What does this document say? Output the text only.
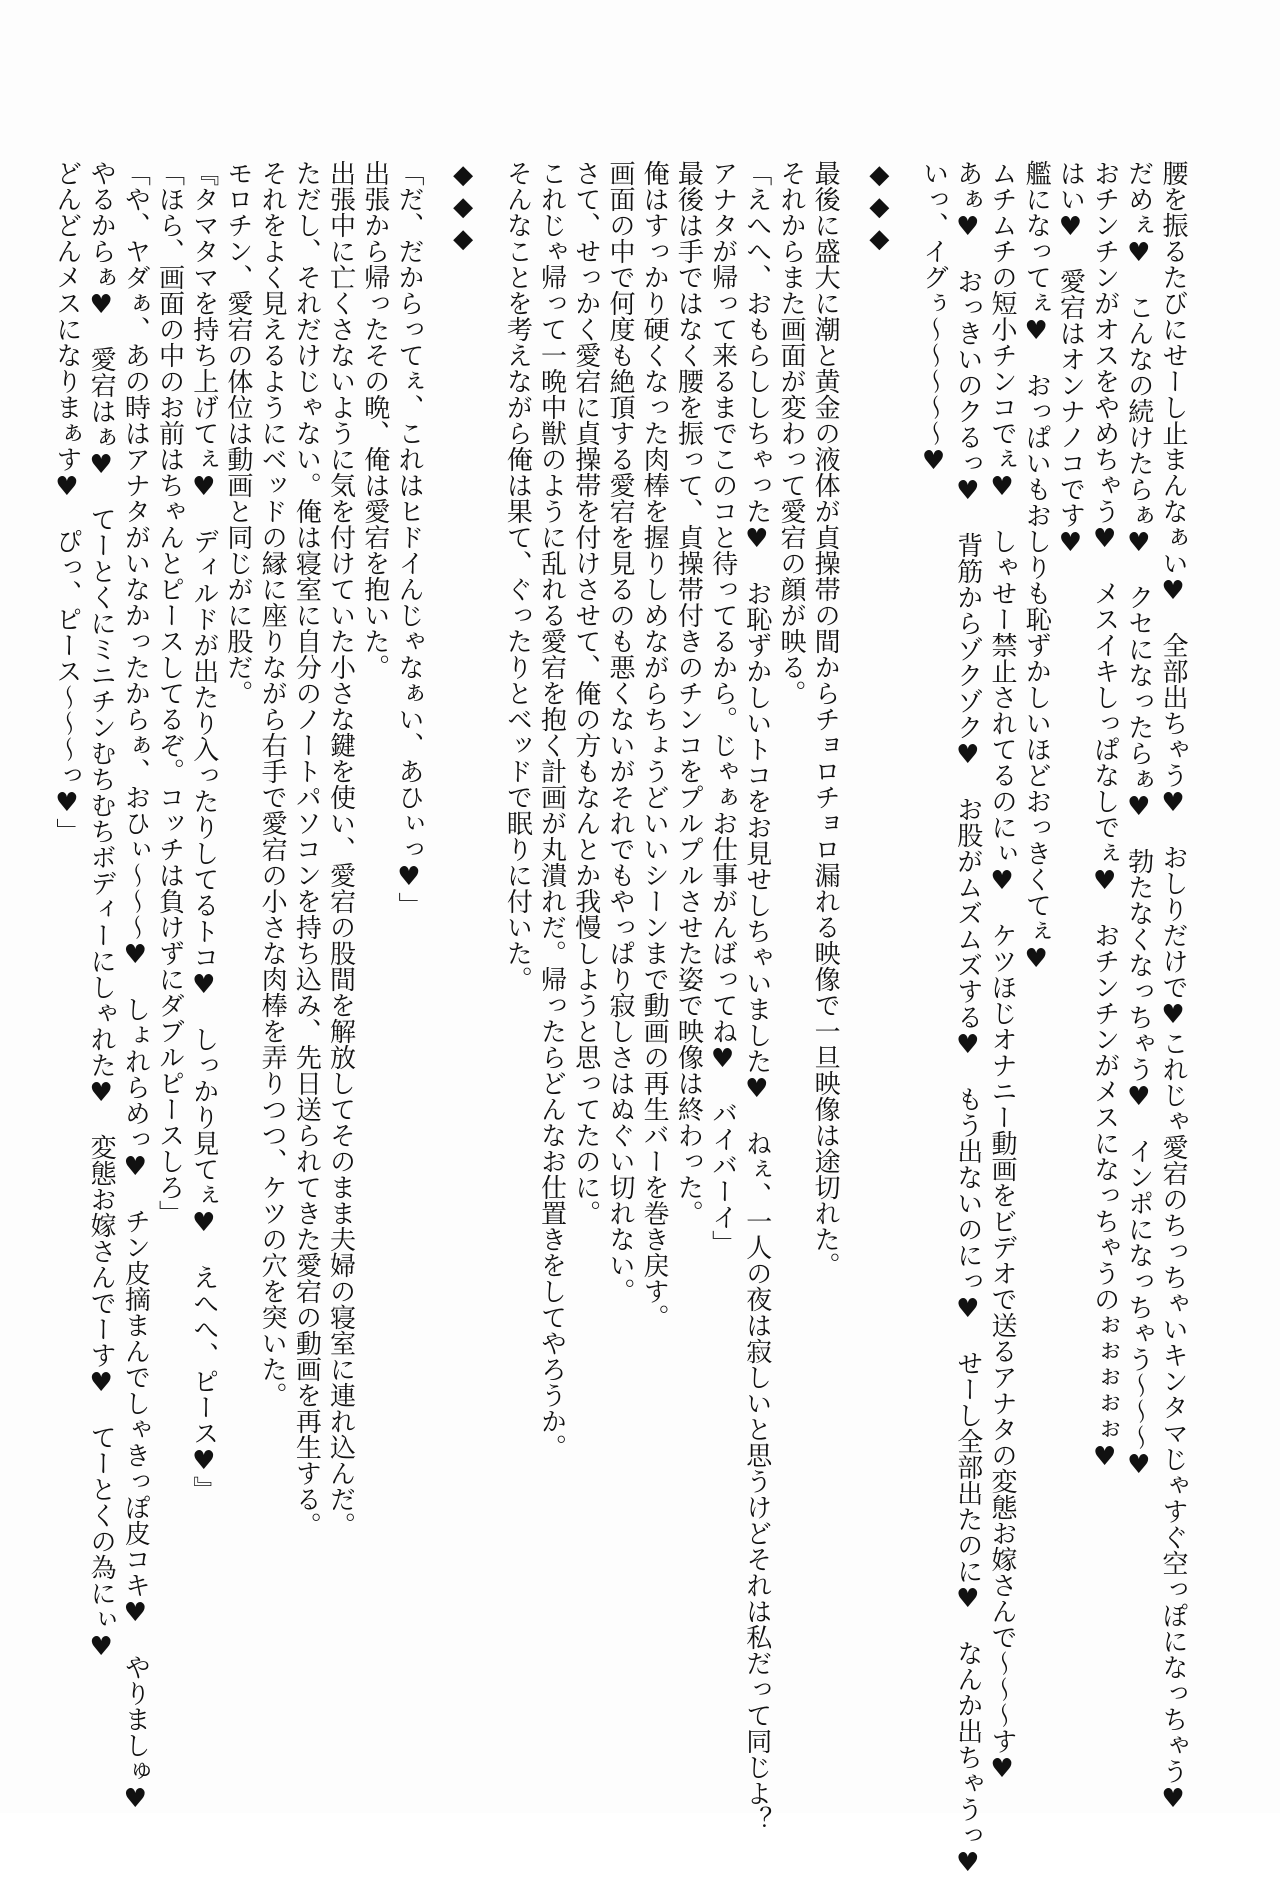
腰を振るたびにせーし止まんなぁい♥　全部出ちゃう♥　おしりだけで♥これじゃ愛宕のちっちゃいキンタマじゃすぐ空っぽになっちゃう♥
だめぇ♥　こんなの続けたらぁ♥　クセになったらぁ♥　勃たなくなっちゃう♥　インポになっちゃう～～～♥
おチンチンがオスをやめちゃう♥　メスイキしっぱなしでぇ♥　おチンチンがメスになっちゃうのぉぉぉぉぉ♥
はい♥　愛宕はオンナノコです♥
艦になってぇ♥　おっぱいもおしりも恥ずかしいほどおっきくてぇ♥
ムチムチの短小チンコでぇ♥　しゃせー禁止されてるのにぃ♥　ケツほじオナニー動画をビデオで送るアナタの変態お嫁さんで～～～す♥
あぁ♥　おっきいのクるっ♥　背筋からゾクゾク♥　お股がムズムズする♥　もう出ないのにっ♥　せーし全部出たのに♥　なんか出ちゃうっ♥
いっ、イグぅ～～～～～♥
◆◆◆
最後に盛大に潮と黄金の液体が貞操帯の間からチョロチョロ漏れる映像で一旦映像は途切れた。
それからまた画面が変わって愛宕の顔が映る。
「えへへ、おもらししちゃった♥　お恥ずかしいトコをお見せしちゃいました♥　ねぇ、一人の夜は寂しいと思うけどそれは私だって同じよ？
アナタが帰って来るまでこのコと待ってるから。じゃぁお仕事がんばってね♥　バイバーイ」
最後は手ではなく腰を振って、貞操帯付きのチンコをプルプルさせた姿で映像は終わった。
俺はすっかり硬くなった肉棒を握りしめながらちょうどいいシーンまで動画の再生バーを巻き戻す。
画面の中で何度も絶頂する愛宕を見るのも悪くないがそれでもやっぱり寂しさはぬぐい切れない。
さて、せっかく愛宕に貞操帯を付けさせて、俺の方もなんとか我慢しようと思ってたのに。
これじゃ帰って一晩中獣のように乱れる愛宕を抱く計画が丸潰れだ。帰ったらどんなお仕置きをしてやろうか。
そんなことを考えながら俺は果て、ぐったりとベッドで眠りに付いた。
◆◆◆
「だ、だからってぇ、これはヒドイんじゃなぁい、あひぃっ♥」
出張から帰ったその晩、俺は愛宕を抱いた。
出張中に亡くさないように気を付けていた小さな鍵を使い、愛宕の股間を解放してそのまま夫婦の寝室に連れ込んだ。
ただし、それだけじゃない。俺は寝室に自分のノートパソコンを持ち込み、先日送られてきた愛宕の動画を再生する。
それをよく見えるようにベッドの縁に座りながら右手で愛宕の小さな肉棒を弄りつつ、ケツの穴を突いた。
モロチン、愛宕の体位は動画と同じがに股だ。
『タマタマを持ち上げてぇ♥　ディルドが出たり入ったりしてるトコ♥　しっかり見てぇ♥　えへへ、ピース♥』
「ほら、画面の中のお前はちゃんとピースしてるぞ。コッチは負けずにダブルピースしろ」
「や、ヤダぁ、あの時はアナタがいなかったからぁ、おひぃ～～～♥　しょれらめっ♥　チン皮摘まんでしゃきっぽ皮コキ♥　やりましゅ♥
やるからぁ♥　愛宕はぁ♥　てーとくにミニチンむちむちボディーにしゃれた♥　変態お嫁さんでーす♥　てーとくの為にぃ♥
どんどんメスになりまぁす♥　ぴっ、ピース～～～っ♥」
